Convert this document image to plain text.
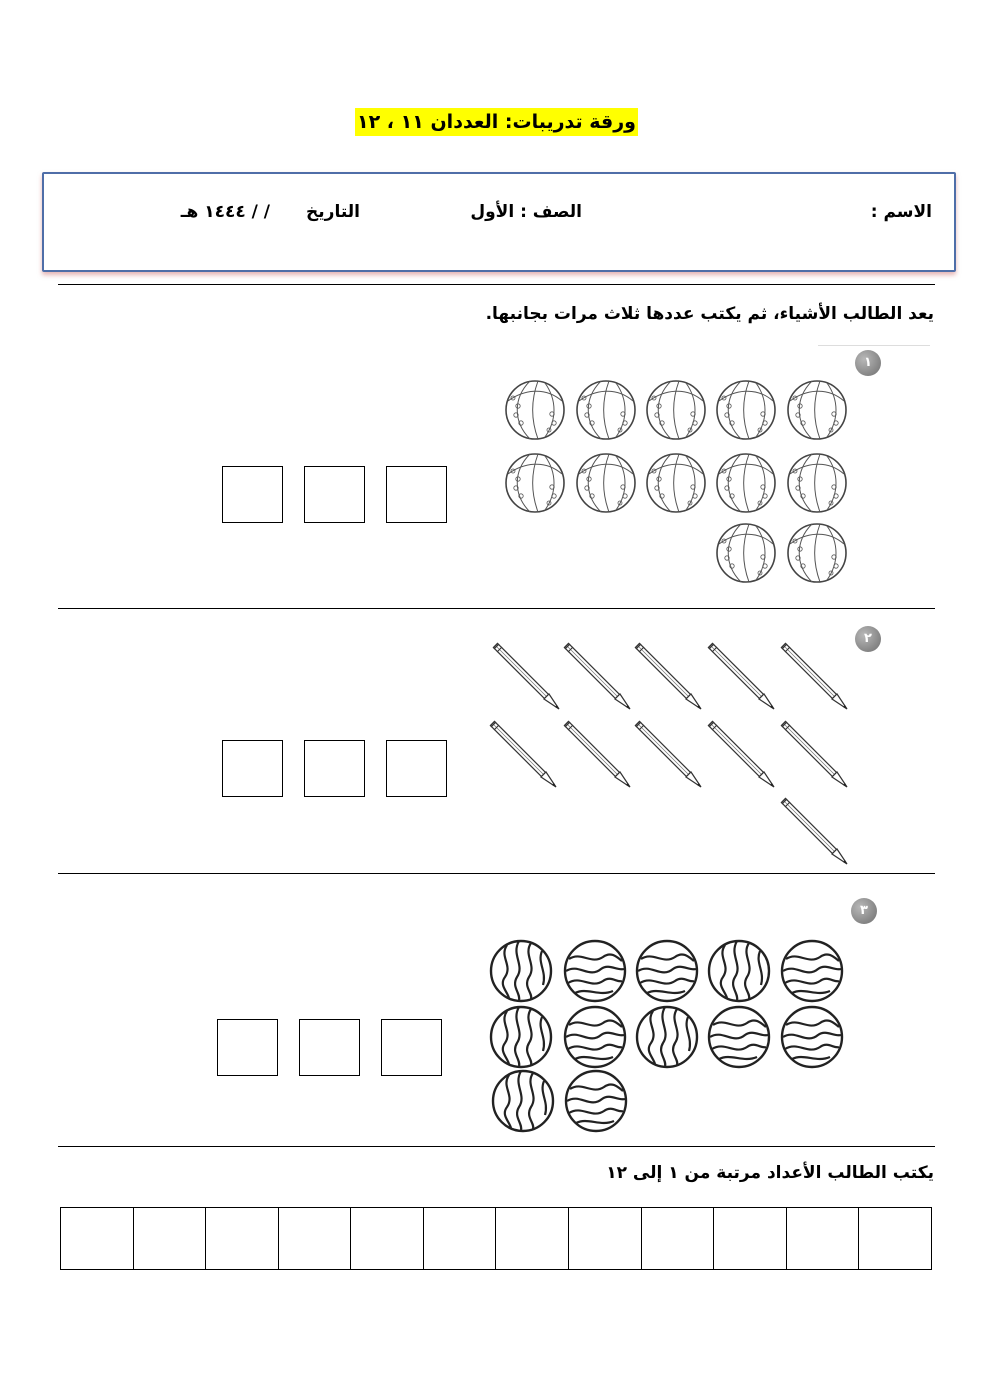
ورقة تدريبات: العددان ١١ ، ١٢
الاسم :
الصف : الأول
التاريخ
/ / ١٤٤٤ هـ
يعد الطالب الأشياء، ثم يكتب عددها ثلاث مرات بجانبها.
١
٢
٣
يكتب الطالب الأعداد مرتبة من ١ إلى ١٢
